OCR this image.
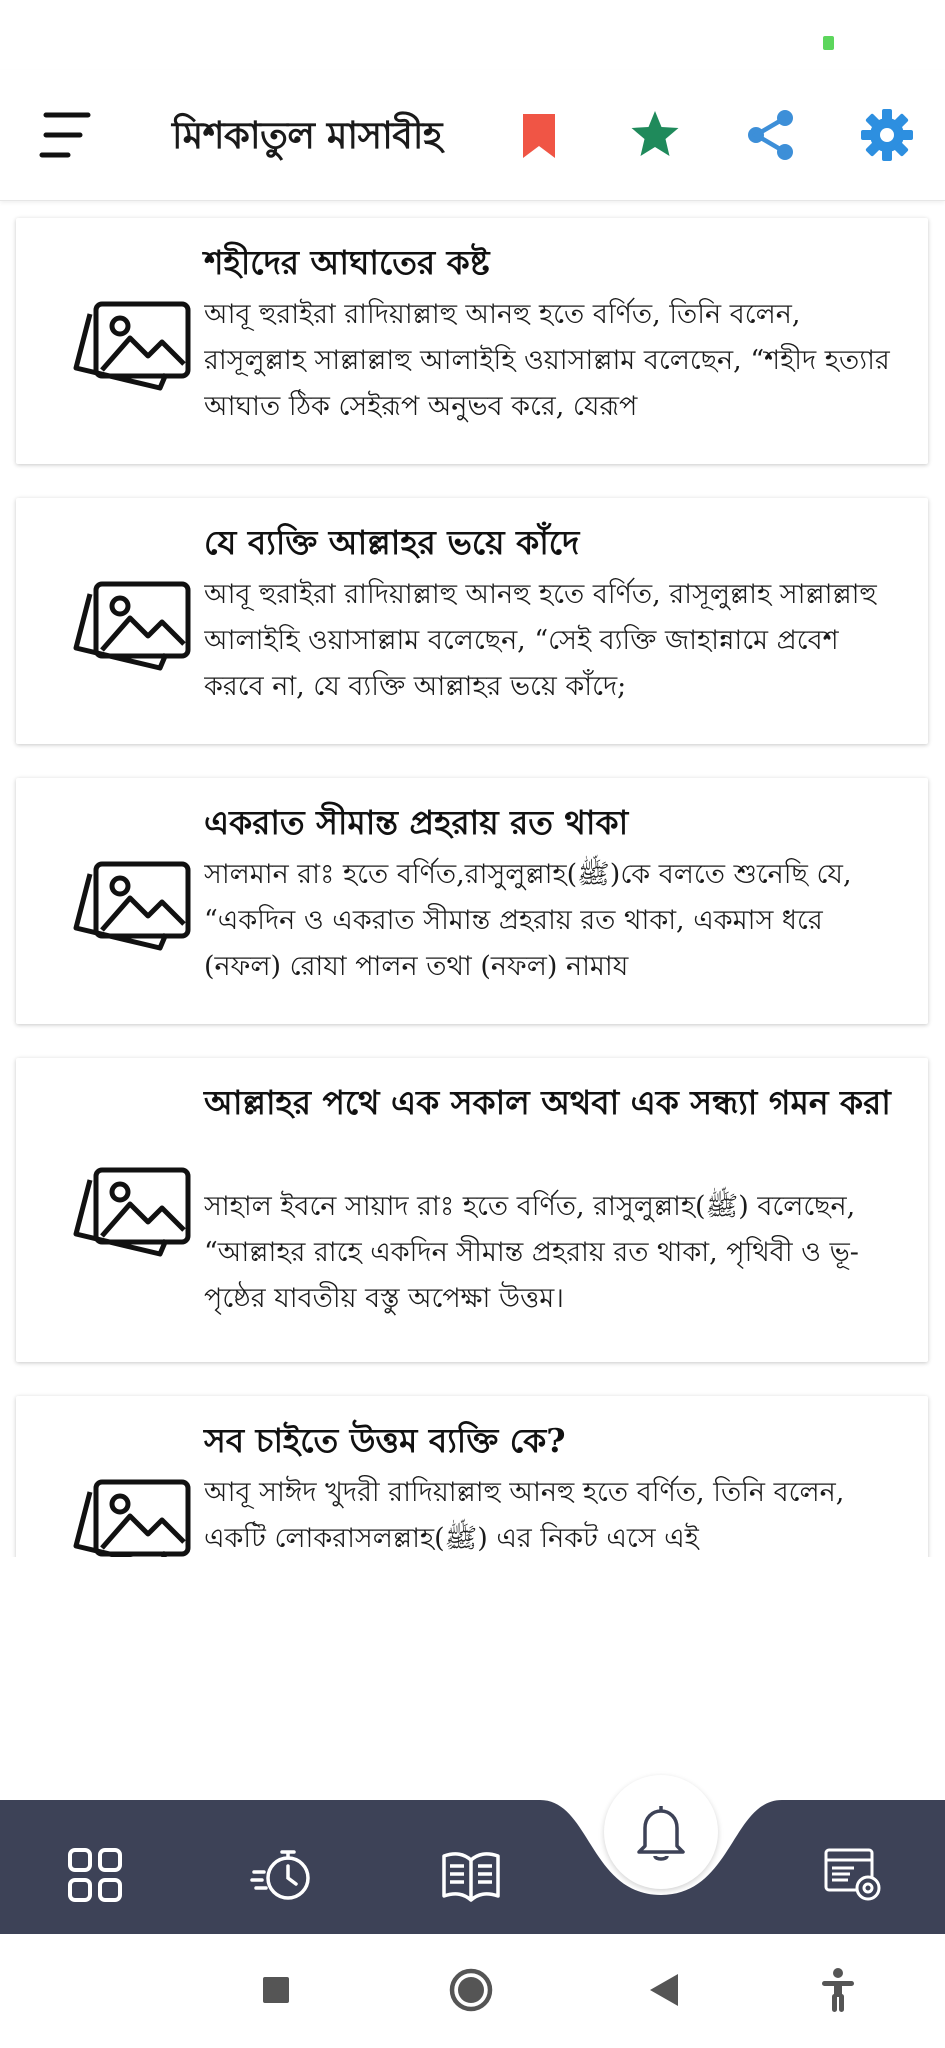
মিশকাতুল মাসাবীহ
শহীদের আঘাতের কষ্ট
আবূ হুরাইরা রাদিয়াল্লাহু আনহু হতে বর্ণিত, তিনি বলেন, রাসূলুল্লাহ সাল্লাল্লাহু আলাইহি ওয়াসাল্লাম বলেছেন, “শহীদ হত্যার আঘাত ঠিক সেইরূপ অনুভব করে, যেরূপ
যে ব্যক্তি আল্লাহর ভয়ে কাঁদে
আবূ হুরাইরা রাদিয়াল্লাহু আনহু হতে বর্ণিত, রাসূলুল্লাহ সাল্লাল্লাহু আলাইহি ওয়াসাল্লাম বলেছেন, “সেই ব্যক্তি জাহান্নামে প্রবেশ করবে না, যে ব্যক্তি আল্লাহর ভয়ে কাঁদে;
একরাত সীমান্ত প্রহরায় রত থাকা
সালমান রাঃ হতে বর্ণিত,রাসুলুল্লাহ(ﷺ)কে বলতে শুনেছি যে, “একদিন ও একরাত সীমান্ত প্রহরায় রত থাকা, একমাস ধরে (নফল) রোযা পালন তথা (নফল) নামায
আল্লাহর পথে এক সকাল অথবা এক সন্ধ্যা গমন করা
সাহাল ইবনে সায়াদ রাঃ হতে বর্ণিত, রাসুলুল্লাহ(ﷺ) বলেছেন, “আল্লাহর রাহে একদিন সীমান্ত প্রহরায় রত থাকা, পৃথিবী ও ভূ-পৃষ্ঠের যাবতীয় বস্তু অপেক্ষা উত্তম।
সব চাইতে উত্তম ব্যক্তি কে?
আবূ সাঈদ খুদরী রাদিয়াল্লাহু আনহু হতে বর্ণিত, তিনি বলেন, একটি লোকরাসলল্লাহ(ﷺ) এর নিকট এসে এই
